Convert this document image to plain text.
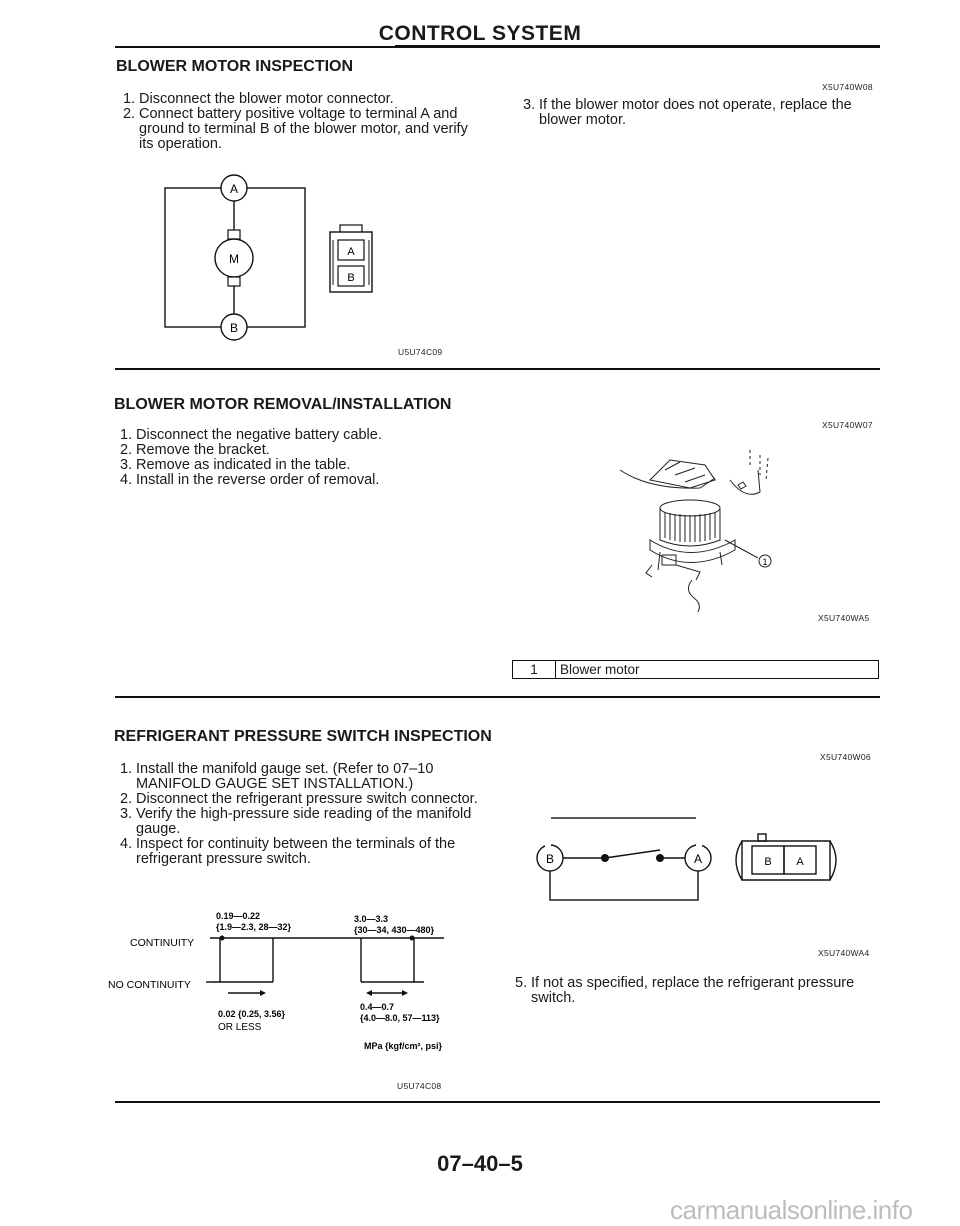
CONTROL SYSTEM
BLOWER MOTOR INSPECTION
X5U740W08
1. Disconnect the blower motor connector.
2. Connect battery positive voltage to terminal A and ground to terminal B of the blower motor, and verify its operation.
3. If the blower motor does not operate, replace the blower motor.
A
M
B
A
B
U5U74C09
BLOWER MOTOR REMOVAL/INSTALLATION
X5U740W07
1. Disconnect the negative battery cable.
2. Remove the bracket.
3. Remove as indicated in the table.
4. Install in the reverse order of removal.
1
X5U740WA5
1	Blower motor
REFRIGERANT PRESSURE SWITCH INSPECTION
X5U740W06
1. Install the manifold gauge set. (Refer to 07–10 MANIFOLD GAUGE SET INSTALLATION.)
2. Disconnect the refrigerant pressure switch connector.
3. Verify the high-pressure side reading of the manifold gauge.
4. Inspect for continuity between the terminals of the refrigerant pressure switch.	B	A	B A
X5U740WA4
0.19—0.22
{1.9—2.3, 28—32}
3.0—3.3
{30—34, 430—480}
CONTINUITY
NO CONTINUITY
0.02 {0.25, 3.56}
OR LESS
0.4—0.7
{4.0—8.0, 57—113}
MPa {kgf/cm², psi}
U5U74C08
5. If not as specified, replace the refrigerant pressure switch.
07–40–5
carmanualsonline.info
